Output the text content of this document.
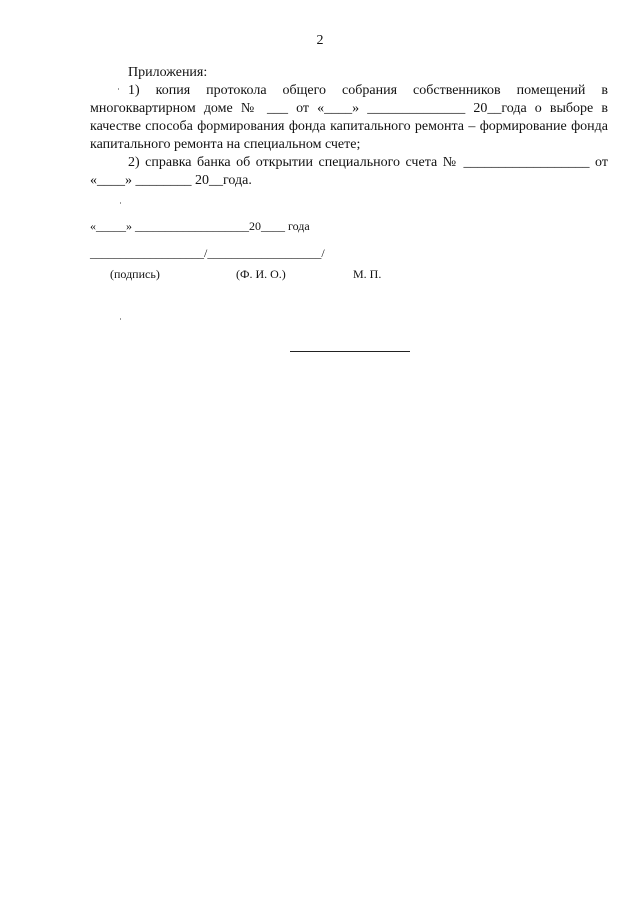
2
Приложения:
1) копия протокола общего собрания собственников помещений в многоквартирном доме № ___ от «____» ______________ 20__года о выборе в качестве способа формирования фонда капитального ремонта – формирование фонда капитального ремонта на специальном счете;
2) справка банка об открытии специального счета № __________________ от «____» ________ 20__года.
«_____» ___________________20____ года
___________________/___________________/
(подпись)	(Ф. И. О.)	М. П.
